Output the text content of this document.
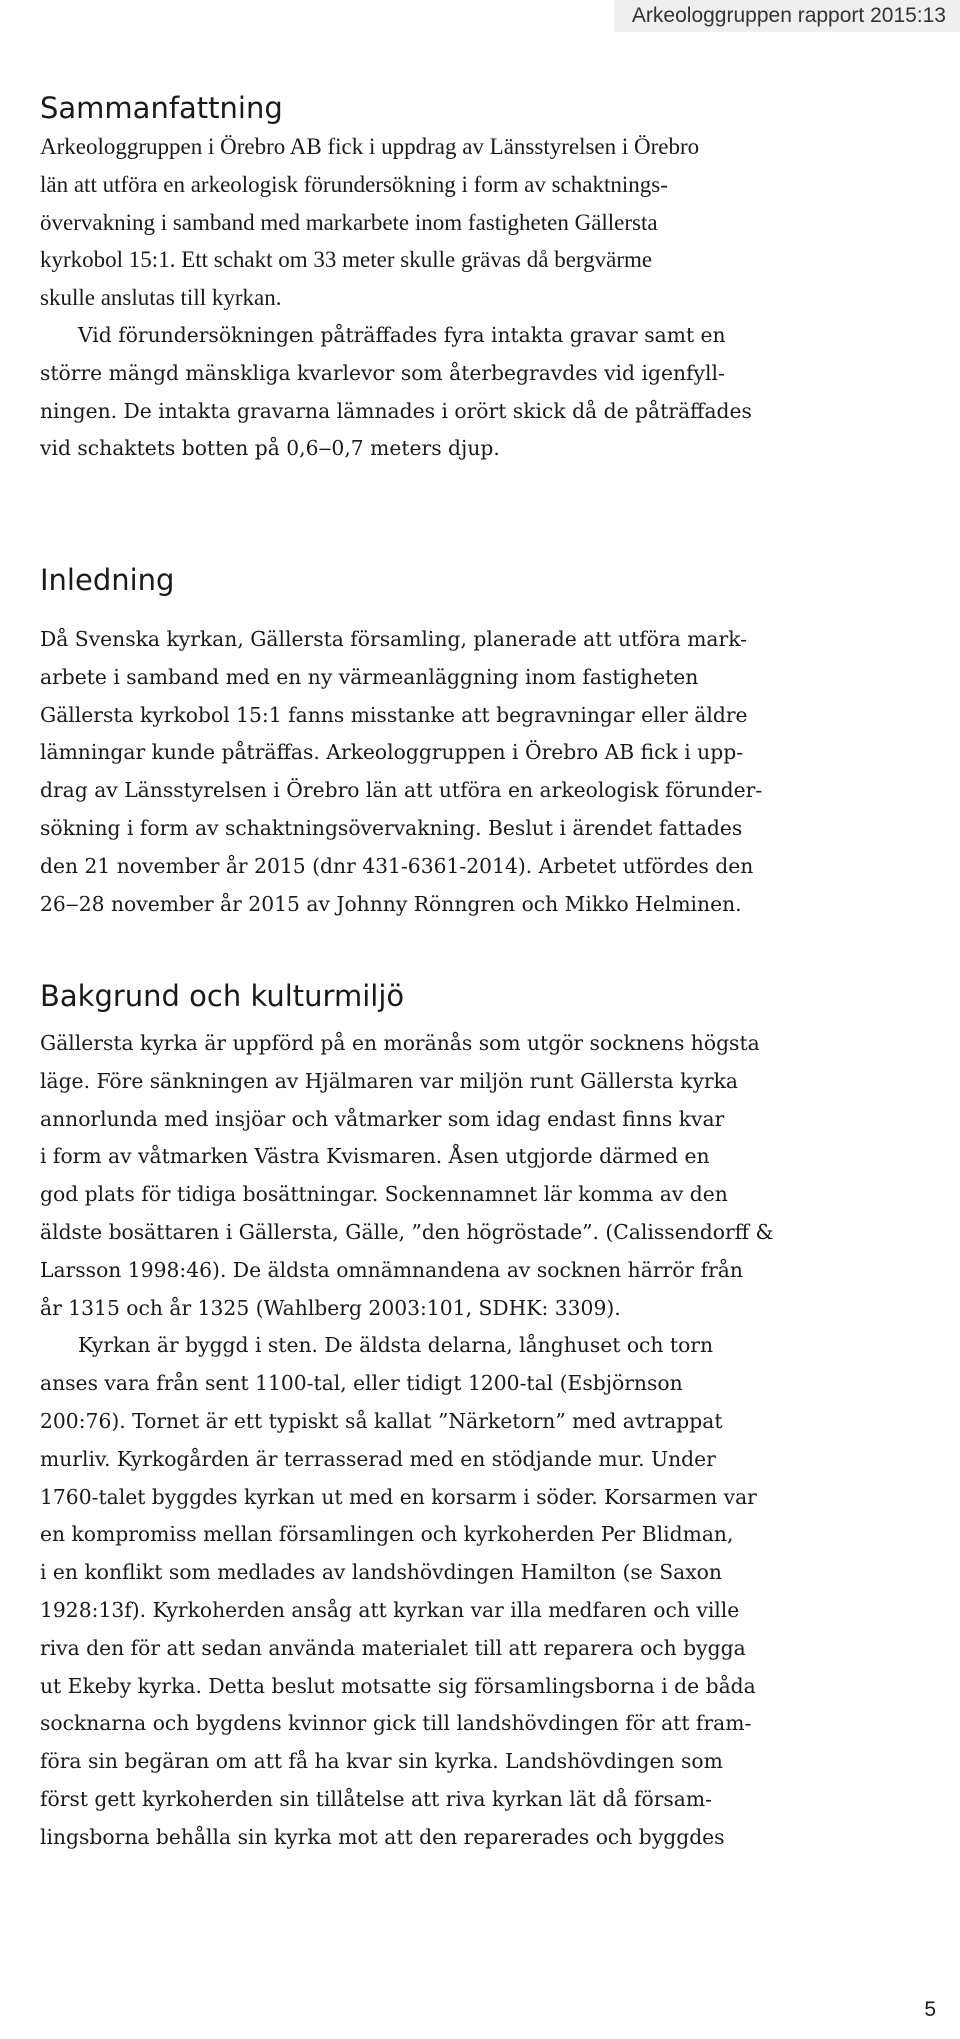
Arkeologgruppen rapport 2015:13
Sammanfattning
Arkeologgruppen i Örebro AB fick i uppdrag av Länsstyrelsen i Örebro
län att utföra en arkeologisk förundersökning i form av schaktnings-
övervakning i samband med markarbete inom fastigheten Gällersta
kyrkobol 15:1. Ett schakt om 33 meter skulle grävas då bergvärme
skulle anslutas till kyrkan.
Vid förundersökningen påträffades fyra intakta gravar samt en
större mängd mänskliga kvarlevor som återbegravdes vid igenfyll-
ningen. De intakta gravarna lämnades i orört skick då de påträffades
vid schaktets botten på 0,6‒0,7 meters djup.
Inledning
Då Svenska kyrkan, Gällersta församling, planerade att utföra mark-
arbete i samband med en ny värmeanläggning inom fastigheten
Gällersta kyrkobol 15:1 fanns misstanke att begravningar eller äldre
lämningar kunde påträffas. Arkeologgruppen i Örebro AB fick i upp-
drag av Länsstyrelsen i Örebro län att utföra en arkeologisk förunder-
sökning i form av schaktningsövervakning. Beslut i ärendet fattades
den 21 november år 2015 (dnr 431-6361-2014). Arbetet utfördes den
26‒28 november år 2015 av Johnny Rönngren och Mikko Helminen.
Bakgrund och kulturmiljö
Gällersta kyrka är uppförd på en moränås som utgör socknens högsta
läge. Före sänkningen av Hjälmaren var miljön runt Gällersta kyrka
annorlunda med insjöar och våtmarker som idag endast finns kvar
i form av våtmarken Västra Kvismaren. Åsen utgjorde därmed en
god plats för tidiga bosättningar. Sockennamnet lär komma av den
äldste bosättaren i Gällersta, Gälle, ”den högröstade”. (Calissendorff &
Larsson 1998:46). De äldsta omnämnandena av socknen härrör från
år 1315 och år 1325 (Wahlberg 2003:101, SDHK: 3309).
Kyrkan är byggd i sten. De äldsta delarna, långhuset och torn
anses vara från sent 1100-tal, eller tidigt 1200-tal (Esbjörnson
200:76). Tornet är ett typiskt så kallat ”Närketorn” med avtrappat
murliv. Kyrkogården är terrasserad med en stödjande mur. Under
1760-talet byggdes kyrkan ut med en korsarm i söder. Korsarmen var
en kompromiss mellan församlingen och kyrkoherden Per Blidman,
i en konflikt som medlades av landshövdingen Hamilton (se Saxon
1928:13f). Kyrkoherden ansåg att kyrkan var illa medfaren och ville
riva den för att sedan använda materialet till att reparera och bygga
ut Ekeby kyrka. Detta beslut motsatte sig församlingsborna i de båda
socknarna och bygdens kvinnor gick till landshövdingen för att fram-
föra sin begäran om att få ha kvar sin kyrka. Landshövdingen som
först gett kyrkoherden sin tillåtelse att riva kyrkan lät då försam-
lingsborna behålla sin kyrka mot att den reparerades och byggdes
5
